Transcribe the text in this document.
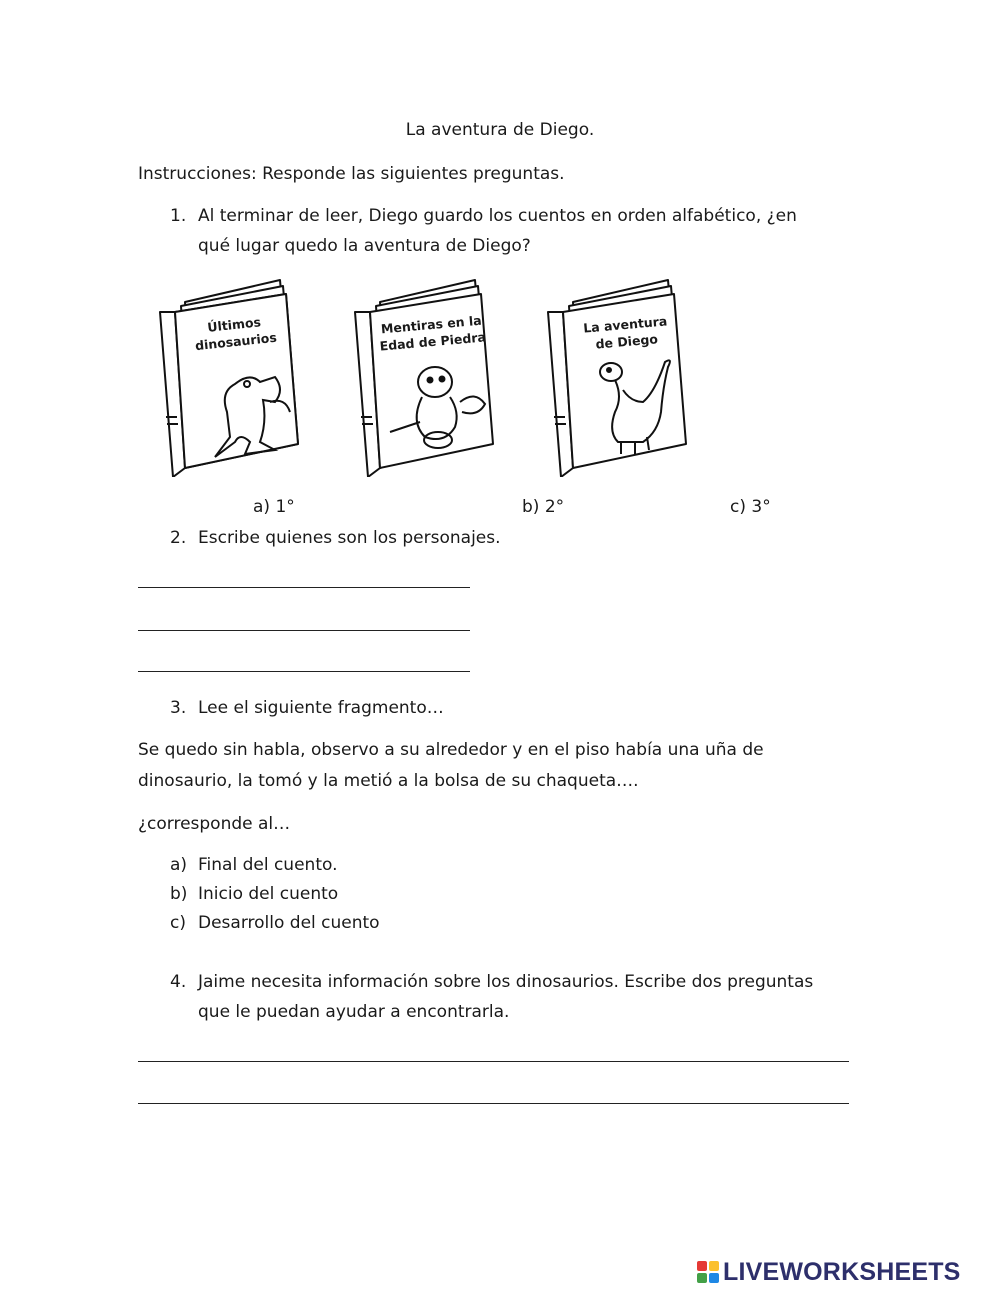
La aventura de Diego.
Instrucciones: Responde las siguientes preguntas.
1. Al terminar de leer, Diego guardo los cuentos en orden alfabético, ¿en
qué lugar quedo la aventura de Diego?
Últimos
dinosaurios
Mentiras en la
Edad de Piedra
La aventura
de Diego
a) 1°	b) 2°	c) 3°
2. Escribe quienes son los personajes.
3. Lee el siguiente fragmento…
Se quedo sin habla, observo a su alrededor y en el piso había una uña de
dinosaurio, la tomó y la metió a la bolsa de su chaqueta….
¿corresponde al…
a) Final del cuento.
b) Inicio del cuento
c) Desarrollo del cuento
4. Jaime necesita información sobre los dinosaurios. Escribe dos preguntas
que le puedan ayudar a encontrarla.
LIVEWORKSHEETS
